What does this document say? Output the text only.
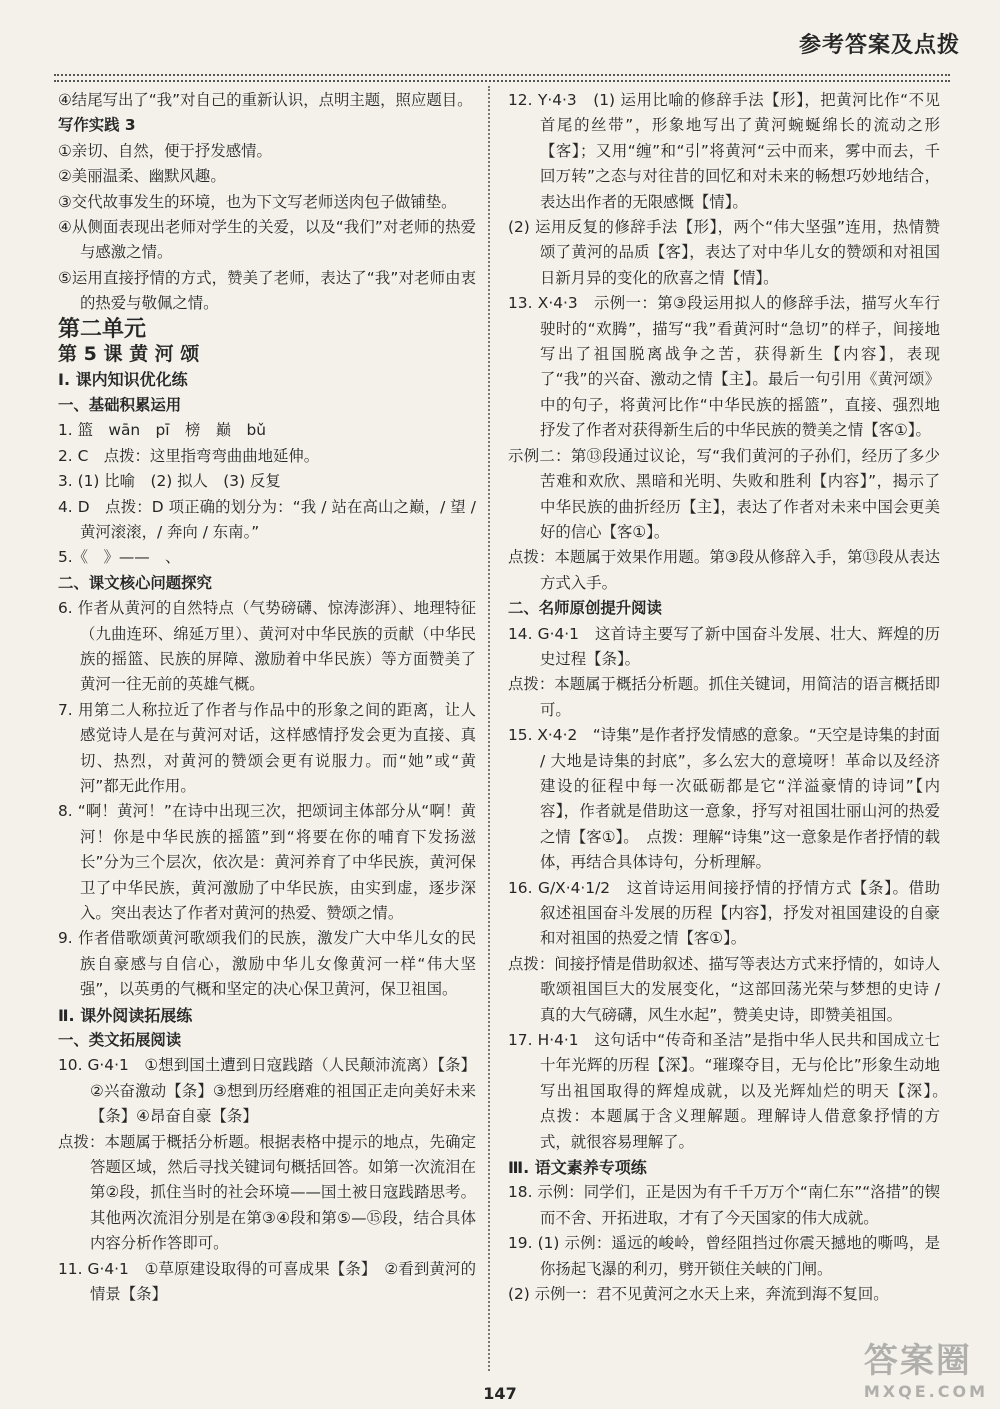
参考答案及点拨

④结尾写出了“我”对自己的重新认识，点明主题，照应题目。

写作实践 3

①亲切、自然，便于抒发感情。

②美丽温柔、幽默风趣。

③交代故事发生的环境，也为下文写老师送肉包子做铺垫。

④从侧面表现出老师对学生的关爱，以及“我们”对老师的热爱与感激之情。

⑤运用直接抒情的方式，赞美了老师，表达了“我”对老师由衷的热爱与敬佩之情。

第二单元

第 5 课 黄 河 颂

Ⅰ. 课内知识优化练

一、基础积累运用

1. 篮　wān　pī　榜　巅　bǔ

2. C　点拨：这里指弯弯曲曲地延伸。

3. (1) 比喻　(2) 拟人　(3) 反复

4. D　点拨：D 项正确的划分为：“我 / 站在高山之巅，/ 望 / 黄河滚滚，/ 奔向 / 东南。”

5.《　》——　、

二、课文核心问题探究

6. 作者从黄河的自然特点（气势磅礴、惊涛澎湃）、地理特征（九曲连环、绵延万里）、黄河对中华民族的贡献（中华民族的摇篮、民族的屏障、激励着中华民族）等方面赞美了黄河一往无前的英雄气概。

7. 用第二人称拉近了作者与作品中的形象之间的距离，让人感觉诗人是在与黄河对话，这样感情抒发会更为直接、真切、热烈，对黄河的赞颂会更有说服力。而“她”或“黄河”都无此作用。

8. “啊！黄河！”在诗中出现三次，把颂词主体部分从“啊！黄河！你是中华民族的摇篮”到“将要在你的哺育下发扬滋长”分为三个层次，依次是：黄河养育了中华民族，黄河保卫了中华民族，黄河激励了中华民族，由实到虚，逐步深入。突出表达了作者对黄河的热爱、赞颂之情。

9. 作者借歌颂黄河歌颂我们的民族，激发广大中华儿女的民族自豪感与自信心，激励中华儿女像黄河一样“伟大坚强”，以英勇的气概和坚定的决心保卫黄河，保卫祖国。

Ⅱ. 课外阅读拓展练

一、类文拓展阅读

10. G·4·1　①想到国土遭到日寇践踏（人民颠沛流离）【条】②兴奋激动【条】③想到历经磨难的祖国正走向美好未来【条】④昂奋自豪【条】

点拨：本题属于概括分析题。根据表格中提示的地点，先确定答题区域，然后寻找关键词句概括回答。如第一次流泪在第②段，抓住当时的社会环境——国土被日寇践踏思考。其他两次流泪分别是在第③④段和第⑤—⑮段，结合具体内容分析作答即可。

11. G·4·1　①草原建设取得的可喜成果【条】　②看到黄河的情景【条】

12. Y·4·3　(1) 运用比喻的修辞手法【形】，把黄河比作“不见首尾的丝带”，形象地写出了黄河蜿蜒绵长的流动之形【客】；又用“缠”和“引”将黄河“云中而来，雾中而去，千回万转”之态与对往昔的回忆和对未来的畅想巧妙地结合，表达出作者的无限感慨【情】。

(2) 运用反复的修辞手法【形】，两个“伟大坚强”连用，热情赞颂了黄河的品质【客】，表达了对中华儿女的赞颂和对祖国日新月异的变化的欣喜之情【情】。

13. X·4·3　示例一：第③段运用拟人的修辞手法，描写火车行驶时的“欢腾”，描写“我”看黄河时“急切”的样子，间接地写出了祖国脱离战争之苦，获得新生【内容】，表现了“我”的兴奋、激动之情【主】。最后一句引用《黄河颂》中的句子，将黄河比作“中华民族的摇篮”，直接、强烈地抒发了作者对获得新生后的中华民族的赞美之情【客①】。

示例二：第⑬段通过议论，写“我们黄河的子孙们，经历了多少苦难和欢欣、黑暗和光明、失败和胜利【内容】”，揭示了中华民族的曲折经历【主】，表达了作者对未来中国会更美好的信心【客①】。

点拨：本题属于效果作用题。第③段从修辞入手，第⑬段从表达方式入手。

二、名师原创提升阅读

14. G·4·1　这首诗主要写了新中国奋斗发展、壮大、辉煌的历史过程【条】。

点拨：本题属于概括分析题。抓住关键词，用简洁的语言概括即可。

15. X·4·2　“诗集”是作者抒发情感的意象。“天空是诗集的封面 / 大地是诗集的封底”，多么宏大的意境呀！革命以及经济建设的征程中每一次砥砺都是它“洋溢豪情的诗词”【内容】，作者就是借助这一意象，抒写对祖国壮丽山河的热爱之情【客①】。　点拨：理解“诗集”这一意象是作者抒情的载体，再结合具体诗句，分析理解。

16. G/X·4·1/2　这首诗运用间接抒情的抒情方式【条】。借助叙述祖国奋斗发展的历程【内容】，抒发对祖国建设的自豪和对祖国的热爱之情【客①】。

点拨：间接抒情是借助叙述、描写等表达方式来抒情的，如诗人歌颂祖国巨大的发展变化，“这部回荡光荣与梦想的史诗 / 真的大气磅礴，风生水起”，赞美史诗，即赞美祖国。

17. H·4·1　这句话中“传奇和圣洁”是指中华人民共和国成立七十年光辉的历程【深】。“璀璨夺目，无与伦比”形象生动地写出祖国取得的辉煌成就，以及光辉灿烂的明天【深】。　点拨：本题属于含义理解题。理解诗人借意象抒情的方式，就很容易理解了。

Ⅲ. 语文素养专项练

18. 示例：同学们，正是因为有千千万万个“南仁东”“洛措”的锲而不舍、开拓进取，才有了今天国家的伟大成就。

19. (1) 示例：遥远的峻岭，曾经阻挡过你震天撼地的嘶鸣，是你扬起飞瀑的利刃，劈开锁住关峡的门闸。

(2) 示例一：君不见黄河之水天上来，奔流到海不复回。

147
答案圈
MXQE.COM
